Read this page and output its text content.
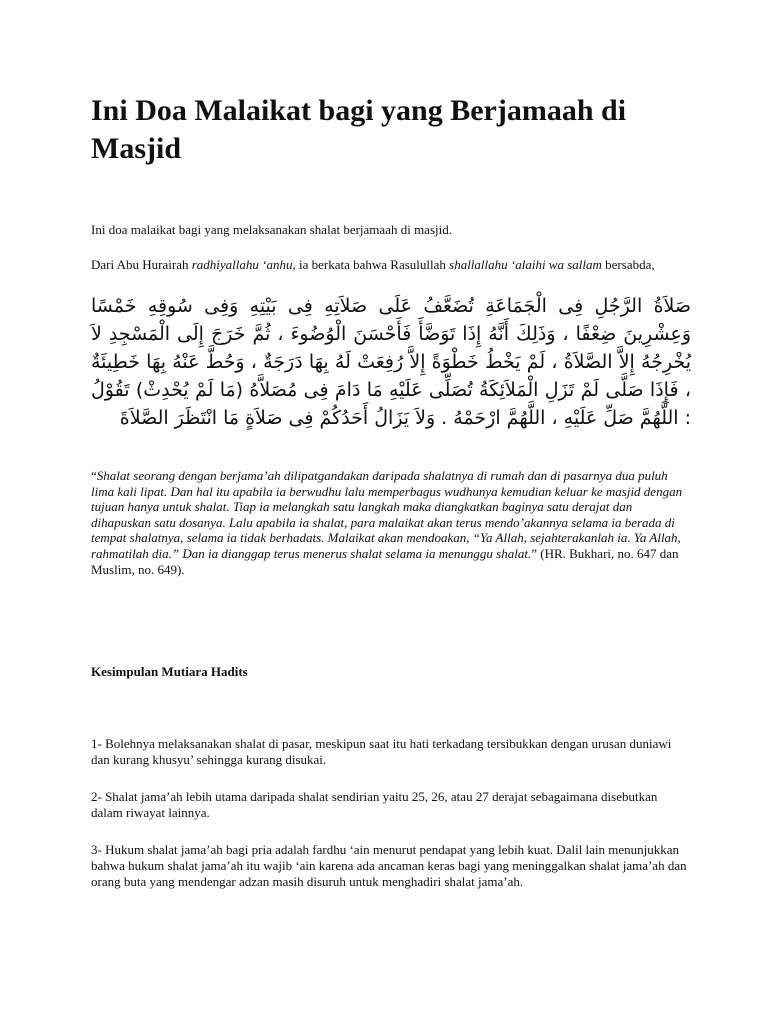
Ini Doa Malaikat bagi yang Berjamaah di Masjid

Ini doa malaikat bagi yang melaksanakan shalat berjamaah di masjid.

Dari Abu Hurairah radhiyallahu ‘anhu, ia berkata bahwa Rasulullah shallallahu ‘alaihi wa sallam bersabda,

صَلاَةُ الرَّجُلِ فِى الْجَمَاعَةِ تُضَعَّفُ عَلَى صَلاَتِهِ فِى بَيْتِهِ وَفِى سُوقِهِ خَمْسًا وَعِشْرِينَ ضِعْفًا ، وَذَلِكَ أَنَّهُ إِذَا تَوَضَّأَ فَأَحْسَنَ الْوُضُوءَ ، ثُمَّ خَرَجَ إِلَى الْمَسْجِدِ لاَ يُخْرِجُهُ إِلاَّ الصَّلاَةُ ، لَمْ يَخْطُ خَطْوَةً إِلاَّ رُفِعَتْ لَهُ بِهَا دَرَجَةٌ ، وَحُطَّ عَنْهُ بِهَا خَطِيئَةٌ ، فَإِذَا صَلَّى لَمْ تَزَلِ الْمَلاَئِكَةُ تُصَلِّى عَلَيْهِ مَا دَامَ فِى مُصَلاَّهُ (مَا لَمْ يُحْدِثْ) تَقُوْلُ : اللَّهُمَّ صَلِّ عَلَيْهِ ، اللَّهُمَّ ارْحَمْهُ . وَلاَ يَزَالُ أَحَدُكُمْ فِى صَلاَةٍ مَا انْتَظَرَ الصَّلاَةَ

“Shalat seorang dengan berjama’ah dilipatgandakan daripada shalatnya di rumah dan di pasarnya dua puluh lima kali lipat. Dan hal itu apabila ia berwudhu lalu memperbagus wudhunya kemudian keluar ke masjid dengan tujuan hanya untuk shalat. Tiap ia melangkah satu langkah maka diangkatkan baginya satu derajat dan dihapuskan satu dosanya. Lalu apabila ia shalat, para malaikat akan terus mendo’akannya selama ia berada di tempat shalatnya, selama ia tidak berhadats. Malaikat akan mendoakan, “Ya Allah, sejahterakanlah ia. Ya Allah, rahmatilah dia.” Dan ia dianggap terus menerus shalat selama ia menunggu shalat.” (HR. Bukhari, no. 647 dan Muslim, no. 649).

Kesimpulan Mutiara Hadits

1- Bolehnya melaksanakan shalat di pasar, meskipun saat itu hati terkadang tersibukkan dengan urusan duniawi dan kurang khusyu’ sehingga kurang disukai.

2- Shalat jama’ah lebih utama daripada shalat sendirian yaitu 25, 26, atau 27 derajat sebagaimana disebutkan dalam riwayat lainnya.

3- Hukum shalat jama’ah bagi pria adalah fardhu ‘ain menurut pendapat yang lebih kuat. Dalil lain menunjukkan bahwa hukum shalat jama’ah itu wajib ‘ain karena ada ancaman keras bagi yang meninggalkan shalat jama’ah dan orang buta yang mendengar adzan masih disuruh untuk menghadiri shalat jama’ah.
